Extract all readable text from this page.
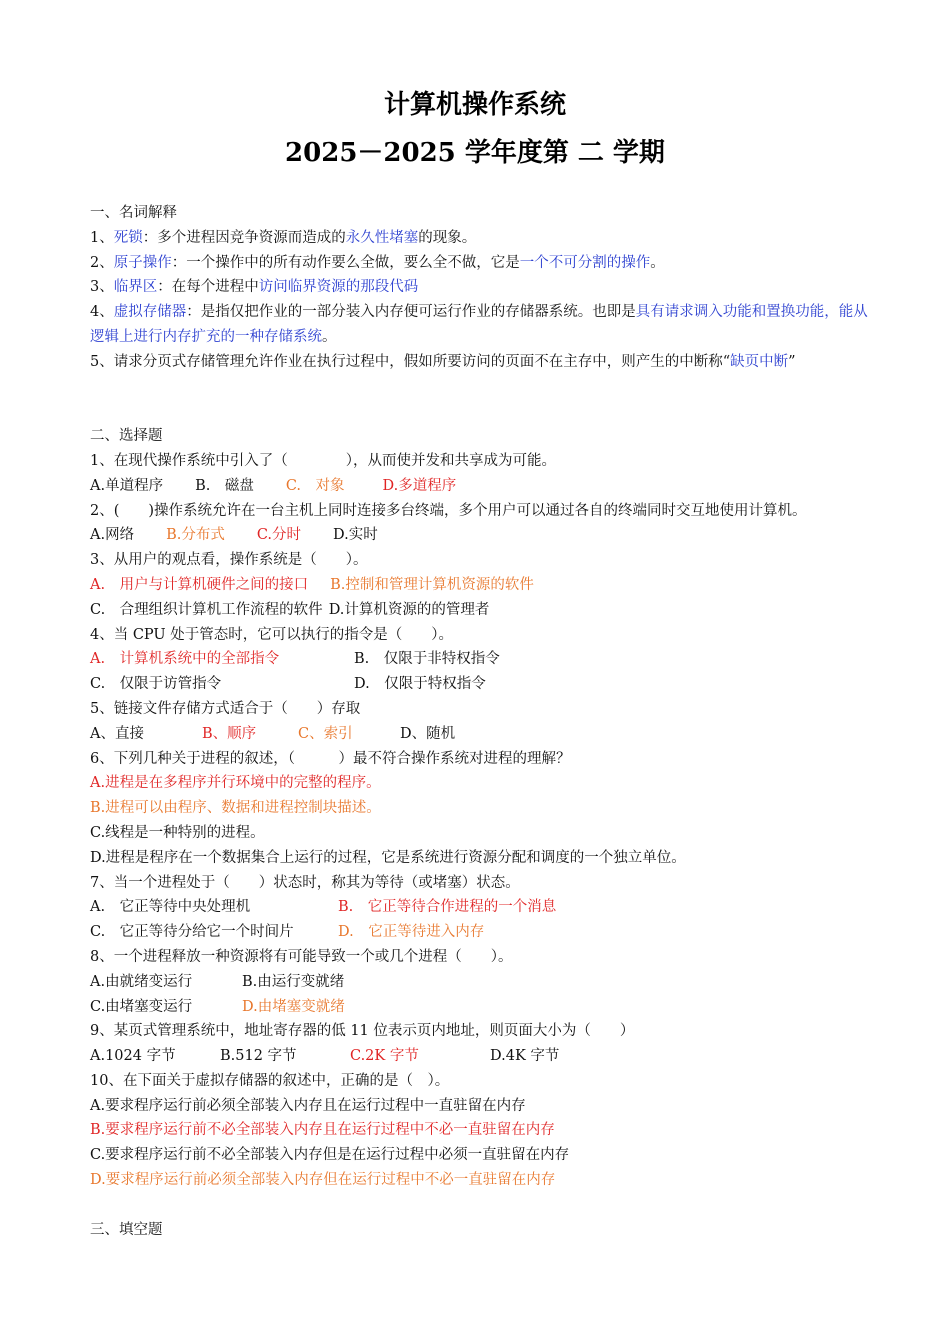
计算机操作系统
2025－2025 学年度第 二 学期

一、名词解释

1、死锁：多个进程因竞争资源而造成的永久性堵塞的现象。

2、原子操作：一个操作中的所有动作要么全做，要么全不做，它是一个不可分割的操作。

3、临界区：在每个进程中访问临界资源的那段代码

4、虚拟存储器：是指仅把作业的一部分装入内存便可运行作业的存储器系统。也即是具有请求调入功能和置换功能，能从逻辑上进行内存扩充的一种存储系统。

5、请求分页式存储管理允许作业在执行过程中，假如所要访问的页面不在主存中，则产生的中断称“缺页中断”

二、选择题

1、在现代操作系统中引入了（　　　　），从而使并发和共享成为可能。

A.单道程序 B.　磁盘 C.　对象	D.多道程序

2、(　　)操作系统允许在一台主机上同时连接多台终端，多个用户可以通过各自的终端同时交互地使用计算机。

A.网络 B.分布式 C.分时 D.实时

3、从用户的观点看，操作系统是（　　）。

A.　用户与计算机硬件之间的接口 B.控制和管理计算机资源的软件

C.　合理组织计算机工作流程的软件 D.计算机资源的的管理者

4、当 CPU 处于管态时，它可以执行的指令是（　　）。

A.　计算机系统中的全部指令	B.　仅限于非特权指令

C.　仅限于访管指令	D.　仅限于特权指令

5、链接文件存储方式适合于（　　）存取

A、直接	B、顺序	C、索引	D、随机

6、下列几种关于进程的叙述，（　　　）最不符合操作系统对进程的理解？

A.进程是在多程序并行环境中的完整的程序。

B.进程可以由程序、数据和进程控制块描述。

C.线程是一种特别的进程。

D.进程是程序在一个数据集合上运行的过程，它是系统进行资源分配和调度的一个独立单位。

7、当一个进程处于（　　）状态时，称其为等待（或堵塞）状态。

A.　它正等待中央处理机	B.　它正等待合作进程的一个消息

C.　它正等待分给它一个时间片	D.　它正等待进入内存

8、一个进程释放一种资源将有可能导致一个或几个进程（　　）。

A.由就绪变运行	B.由运行变就绪

C.由堵塞变运行	D.由堵塞变就绪

9、某页式管理系统中，地址寄存器的低 11 位表示页内地址，则页面大小为（　　）

A.1024 字节	B.512 字节	C.2K 字节	D.4K 字节

10、在下面关于虚拟存储器的叙述中，正确的是（　）。

A.要求程序运行前必须全部装入内存且在运行过程中一直驻留在内存

B.要求程序运行前不必全部装入内存且在运行过程中不必一直驻留在内存

C.要求程序运行前不必全部装入内存但是在运行过程中必须一直驻留在内存

D.要求程序运行前必须全部装入内存但在运行过程中不必一直驻留在内存

三、填空题
